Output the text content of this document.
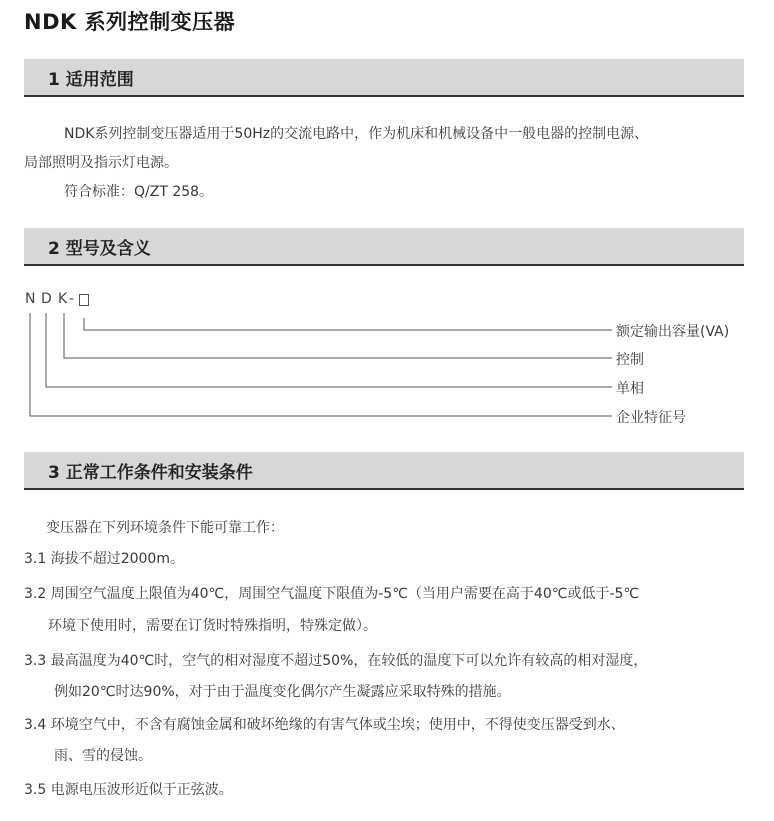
NDK 系列控制变压器
1 适用范围
NDK系列控制变压器适用于50Hz的交流电路中，作为机床和机械设备中一般电器的控制电源、
局部照明及指示灯电源。
符合标准：Q/ZT 258。
2 型号及含义
N D K -
额定输出容量(VA)
控制
单相
企业特征号
3 正常工作条件和安装条件
变压器在下列环境条件下能可靠工作：
3.1 海拔不超过2000m。
3.2 周围空气温度上限值为40℃，周围空气温度下限值为-5℃（当用户需要在高于40℃或低于-5℃
环境下使用时，需要在订货时特殊指明，特殊定做）。
3.3 最高温度为40℃时，空气的相对湿度不超过50%，在较低的温度下可以允许有较高的相对湿度，
例如20℃时达90%，对于由于温度变化偶尔产生凝露应采取特殊的措施。
3.4 环境空气中，不含有腐蚀金属和破坏绝缘的有害气体或尘埃；使用中，不得使变压器受到水、
雨、雪的侵蚀。
3.5 电源电压波形近似于正弦波。
